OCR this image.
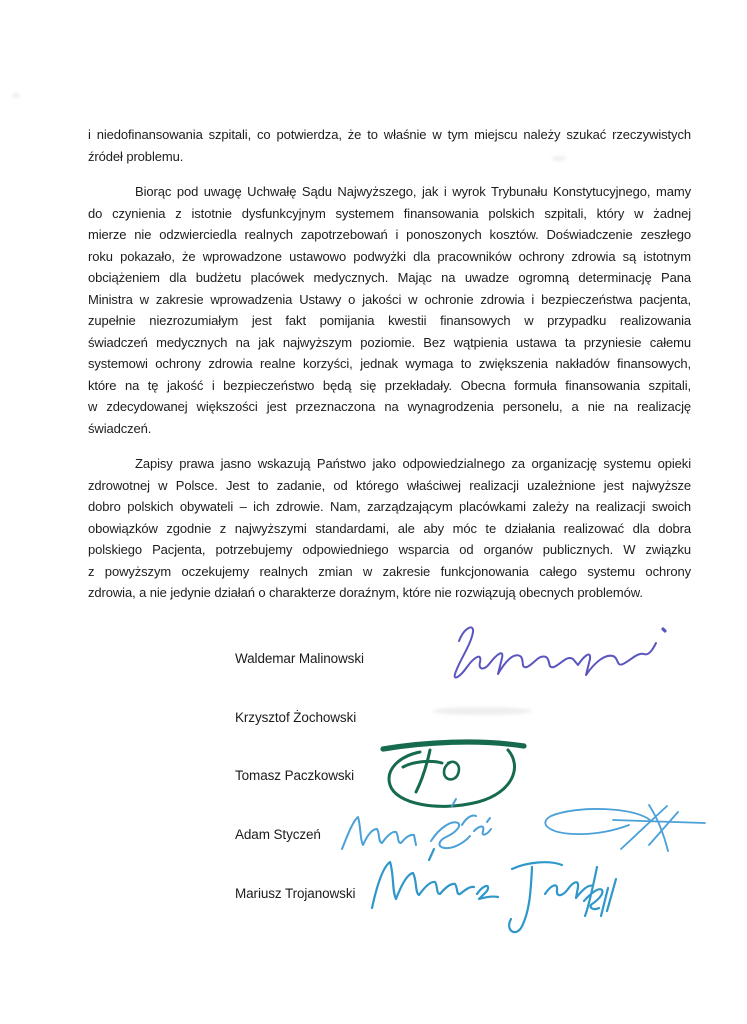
i niedofinansowania szpitali, co potwierdza, że to właśnie w tym miejscu należy szukać rzeczywistych
źródeł problemu.

Biorąc pod uwagę Uchwałę Sądu Najwyższego, jak i wyrok Trybunału Konstytucyjnego, mamy
do czynienia z istotnie dysfunkcyjnym systemem finansowania polskich szpitali, który w żadnej
mierze nie odzwierciedla realnych zapotrzebowań i ponoszonych kosztów. Doświadczenie zeszłego
roku pokazało, że wprowadzone ustawowo podwyżki dla pracowników ochrony zdrowia są istotnym
obciążeniem dla budżetu placówek medycznych. Mając na uwadze ogromną determinację Pana
Ministra w zakresie wprowadzenia Ustawy o jakości w ochronie zdrowia i bezpieczeństwa pacjenta,
zupełnie niezrozumiałym jest fakt pomijania kwestii finansowych w przypadku realizowania
świadczeń medycznych na jak najwyższym poziomie. Bez wątpienia ustawa ta przyniesie całemu
systemowi ochrony zdrowia realne korzyści, jednak wymaga to zwiększenia nakładów finansowych,
które na tę jakość i bezpieczeństwo będą się przekładały. Obecna formuła finansowania szpitali,
w zdecydowanej większości jest przeznaczona na wynagrodzenia personelu, a nie na realizację
świadczeń.

Zapisy prawa jasno wskazują Państwo jako odpowiedzialnego za organizację systemu opieki
zdrowotnej w Polsce. Jest to zadanie, od którego właściwej realizacji uzależnione jest najwyższe
dobro polskich obywateli – ich zdrowie. Nam, zarządzającym placówkami zależy na realizacji swoich
obowiązków zgodnie z najwyższymi standardami, ale aby móc te działania realizować dla dobra
polskiego Pacjenta, potrzebujemy odpowiedniego wsparcia od organów publicznych. W związku
z powyższym oczekujemy realnych zmian w zakresie funkcjonowania całego systemu ochrony
zdrowia, a nie jedynie działań o charakterze doraźnym, które nie rozwiązują obecnych problemów.

Waldemar Malinowski
Krzysztof Żochowski
Tomasz Paczkowski
Adam Styczeń
Mariusz Trojanowski
